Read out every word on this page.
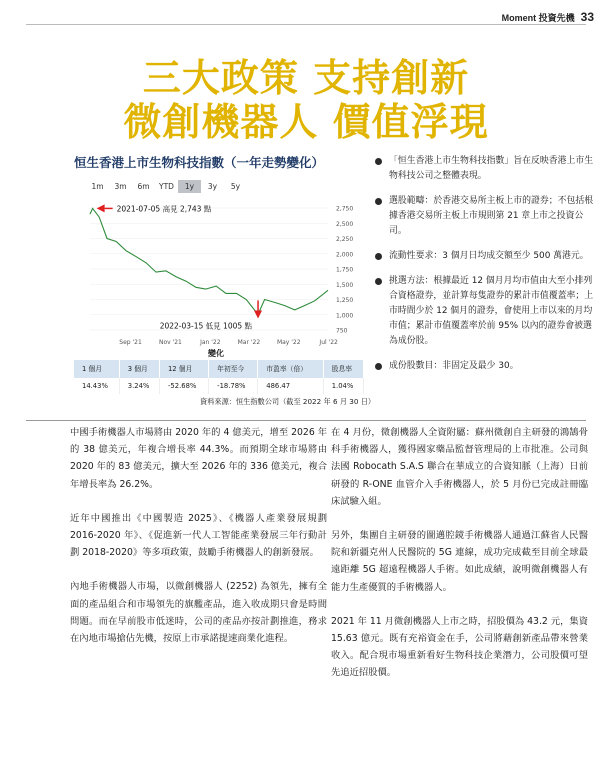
Moment 投資先機 33
三大政策 支持創新
微創機器人 價值浮現
恒生香港上市生物科技指數（一年走勢變化）
1m	3m	6m	YTD	1y	3y	5y
750
1,000
1,250
1,500
1,750
2,000
2,250
2,500
2,750
Sep '21	Nov '21	Jan '22	Mar '22	May '22	Jul '22
2021-07-05 高見 2,743 點
2022-03-15 低見 1005 點
變化
1 個月	3 個月	12 個月	年初至今	市盈率（倍）	股息率
14.43%	3.24%	-52.68%	-18.78%	486.47	1.04%
資料來源：恒生指數公司（截至 2022 年 6 月 30 日）
「恒生香港上市生物科技指數」旨在反映香港上市生物科技公司之整體表現。
選股範疇：於香港交易所主板上市的證券；不包括根據香港交易所主板上市規則第 21 章上市之投資公司。
流動性要求：3 個月日均成交額至少 500 萬港元。
挑選方法：根據最近 12 個月月均市值由大至小排列合資格證券，並計算每隻證券的累計市值覆蓋率；上市時間少於 12 個月的證券，會使用上市以來的月均市值；累計市值覆蓋率於前 95% 以內的證券會被選為成份股。
成份股數目：非固定及最少 30。

中國手術機器人市場將由 2020 年的 4 億美元，增至 2026 年的 38 億美元，年複合增長率 44.3%。而預期全球市場將由 2020 年的 83 億美元，擴大至 2026 年的 336 億美元，複合年增長率為 26.2%。

近年中國推出《中國製造 2025》、《機器人產業發展規劃 2016-2020 年》、《促進新一代人工智能產業發展三年行動計劃 2018-2020》等多項政策，鼓勵手術機器人的創新發展。

內地手術機器人市場，以微創機器人 (2252) 為領先，擁有全面的產品組合和市場領先的旗艦產品，進入收成期只會是時間問題。而在早前股市低迷時，公司的產品亦按計劃推進，務求在內地市場搶佔先機，按原上市承諾提速商業化進程。

在 4 月份，微創機器人全資附屬：蘇州微創自主研發的鴻鵠骨科手術機器人，獲得國家藥品監督管理局的上市批准。公司與法國 Robocath S.A.S 聯合在華成立的合資知脈（上海）日前研發的 R-ONE 血管介入手術機器人，於 5 月份已完成註冊臨床試驗入組。

另外，集團自主研發的圖邁腔鏡手術機器人通過江蘇省人民醫院和新疆克州人民醫院的 5G 連線，成功完成截至目前全球最遠距離 5G 超遠程機器人手術。如此成績，說明微創機器人有能力生產優質的手術機器人。

2021 年 11 月微創機器人上市之時，招股價為 43.2 元，集資 15.63 億元。既有充裕資金在手，公司將藉創新產品帶來營業收入。配合現市場重新看好生物科技企業潛力，公司股價可望先追近招股價。
